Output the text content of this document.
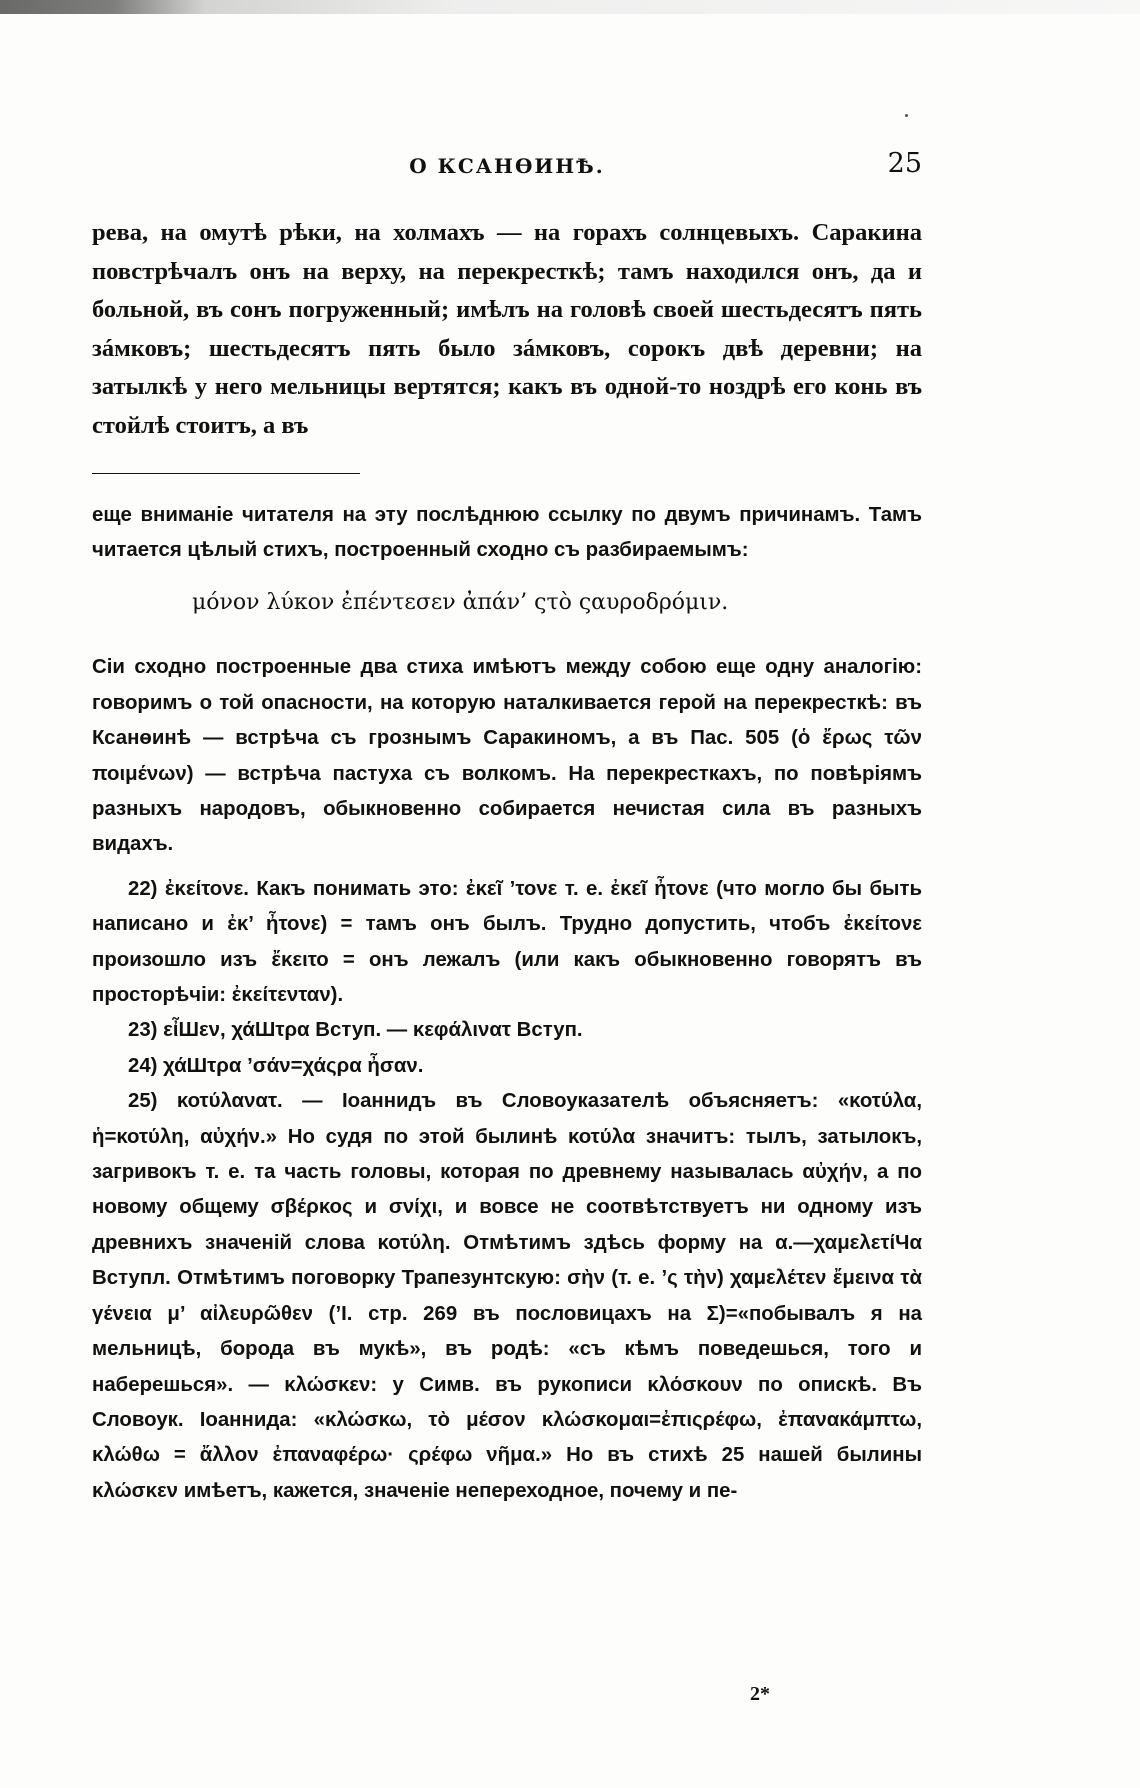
О КСАНӨИНѢ.	25

рева, на омутѣ рѣки, на холмахъ — на горахъ солнцевыхъ. Саракина повстрѣчалъ онъ на верху, на перекресткѣ; тамъ находился онъ, да и больной, въ сонъ погруженный; имѣлъ на головѣ своей шестьдесятъ пять зáмковъ; шестьдесятъ пять было зáмковъ, сорокъ двѣ деревни; на затылкѣ у него мельницы вертятся; какъ въ одной-то ноздрѣ его конь въ стойлѣ стоитъ, а въ

еще вниманіе читателя на эту послѣднюю ссылку по двумъ причинамъ. Тамъ читается цѣлый стихъ, построенный сходно съ разбираемымъ:

μόνον λύκον ἐπέντεσεν ἀπάν’ ςτὸ ςαυροδρόμιν.

Сіи сходно построенные два стиха имѣютъ между собою еще одну аналогію: говоримъ о той опасности, на которую наталкивается герой на перекресткѣ: въ Ксанөинѣ — встрѣча съ грознымъ Саракиномъ, а въ Пас. 505 (ὁ ἔρως τῶν ποιμένων) — встрѣча пастуха съ волкомъ. На перекресткахъ, по повѣріямъ разныхъ народовъ, обыкновенно собирается нечистая сила въ разныхъ видахъ.

22) ἐκείτονε. Какъ понимать это: ἐκεῖ ’τονε т. е. ἐκεῖ ἦτονε (что могло бы быть написано и ἐκ’ ἦτονε) = тамъ онъ былъ. Трудно допустить, чтобъ ἐκείτονε произошло изъ ἔκειτο = онъ лежалъ (или какъ обыкновенно говорятъ въ просторѣчіи: ἐκείτενταν).

23) εἶШεν, χάШτρα Вступ. — κεφάλινατ Вступ.

24) χάШτρα ’σάν=χάςρα ἦσαν.

25) κοτύλανατ. — Іоаннидъ въ Словоуказателѣ объясняетъ: «κοτύλα, ἡ=κοτύλη, αὐχήν.» Но судя по этой былинѣ κοτύλα значитъ: тылъ, затылокъ, загривокъ т. е. та часть головы, которая по древнему называлась αὐχήν, а по новому общему σβέρκος и σνίχι, и вовсе не соотвѣтствуетъ ни одному изъ древнихъ значеній слова κοτύλη. Отмѣтимъ здѣсь форму на α.—χαμελετίЧα Вступл. Отмѣтимъ поговорку Трапезунтскую: σὴν (т. е. ’ς τὴν) χαμελέτεν ἔμεινα τὰ γένεια μ’ αἰλευρῶθεν (’I. стр. 269 въ пословицахъ на Σ)=«побывалъ я на мельницѣ, борода въ мукѣ», въ родѣ: «съ кѣмъ поведешься, того и наберешься». — κλώσκεν: у Симв. въ рукописи κλόσκουν по опискѣ. Въ Словоук. Іоаннида: «κλώσκω, τὸ μέσον κλώσκομαι=ἐπιςρέφω, ἐπανακάμπτω, κλώθω = ἄλλον ἐπαναφέρω· ςρέφω νῆμα.» Но въ стихѣ 25 нашей былины κλώσκεν имѣетъ, кажется, значеніе непереходное, почему и пе-

2*
